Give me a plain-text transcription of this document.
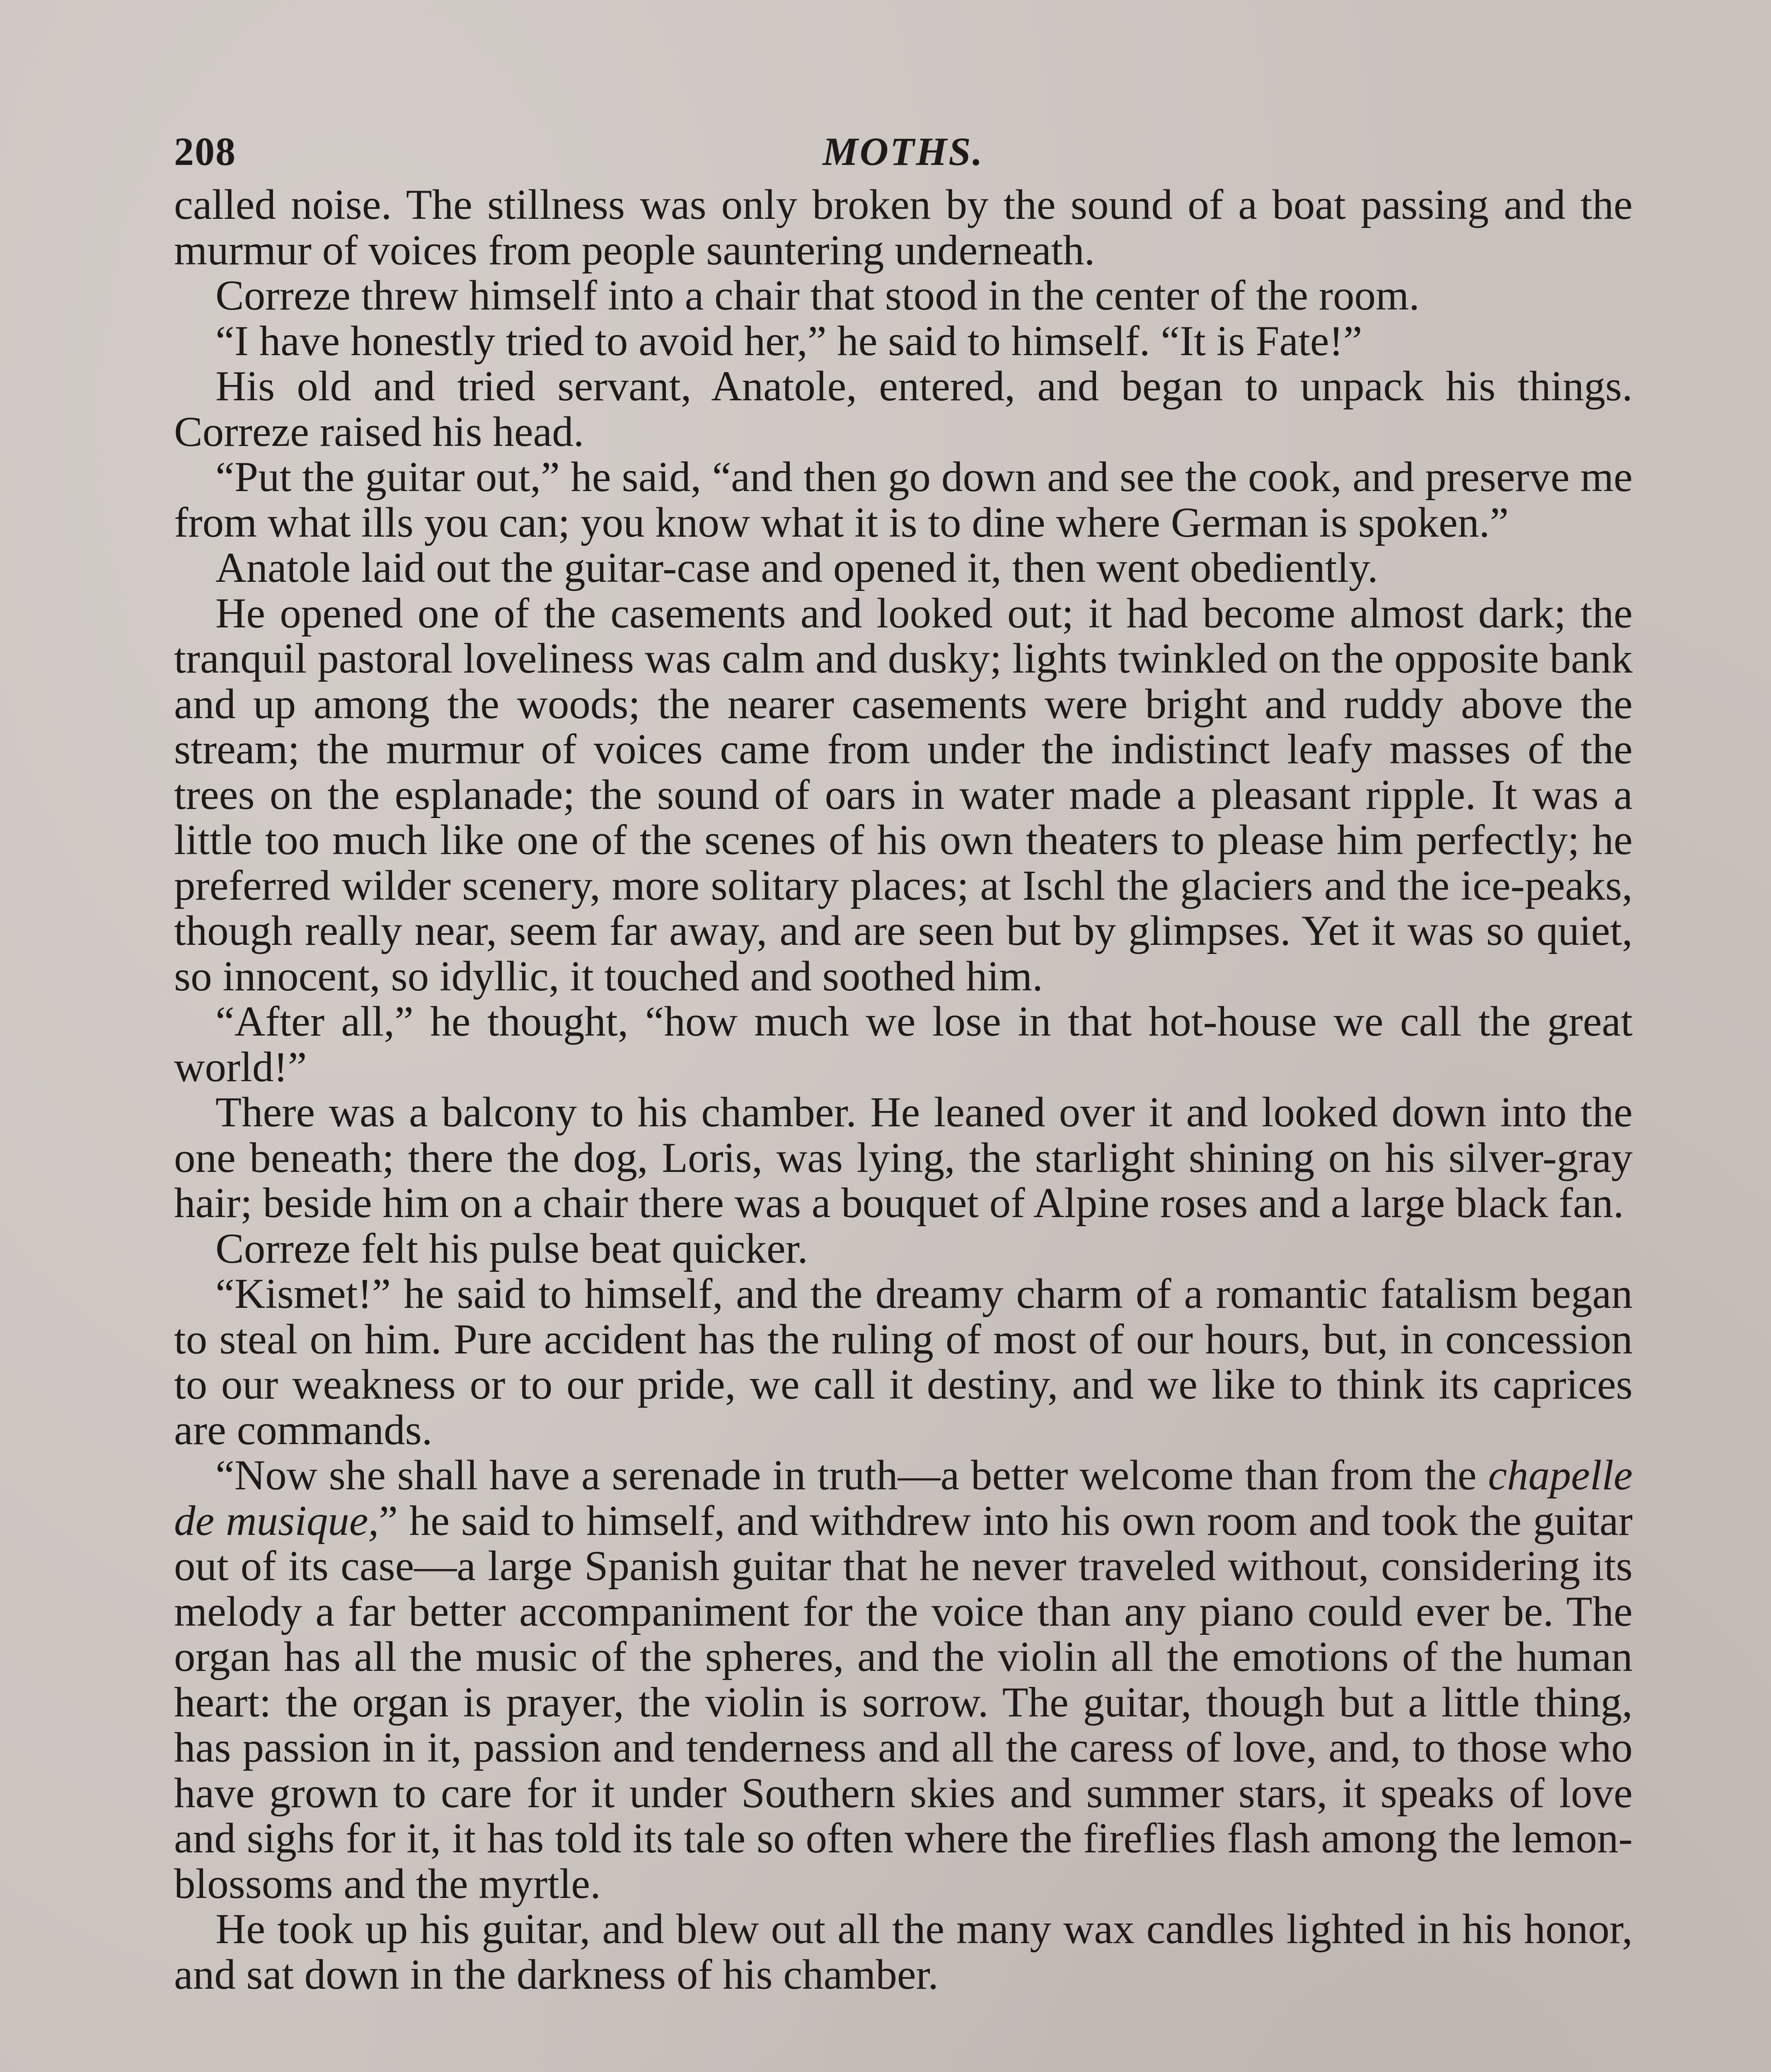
208	MOTHS.

called noise. The stillness was only broken by the sound of a boat passing and the murmur of voices from people sauntering underneath.

Correze threw himself into a chair that stood in the center of the room.

“I have honestly tried to avoid her,” he said to himself. “It is Fate!”

His old and tried servant, Anatole, entered, and began to unpack his things. Correze raised his head.

“Put the guitar out,” he said, “and then go down and see the cook, and preserve me from what ills you can; you know what it is to dine where German is spoken.”

Anatole laid out the guitar-case and opened it, then went obediently.

He opened one of the casements and looked out; it had become almost dark; the tranquil pastoral loveliness was calm and dusky; lights twinkled on the opposite bank and up among the woods; the nearer casements were bright and ruddy above the stream; the murmur of voices came from under the indistinct leafy masses of the trees on the esplanade; the sound of oars in water made a pleasant ripple. It was a little too much like one of the scenes of his own theaters to please him perfectly; he preferred wilder scenery, more solitary places; at Ischl the glaciers and the ice-peaks, though really near, seem far away, and are seen but by glimpses. Yet it was so quiet, so innocent, so idyllic, it touched and soothed him.

“After all,” he thought, “how much we lose in that hot-house we call the great world!”

There was a balcony to his chamber. He leaned over it and looked down into the one beneath; there the dog, Loris, was lying, the starlight shining on his silver-gray hair; beside him on a chair there was a bouquet of Alpine roses and a large black fan.

Correze felt his pulse beat quicker.

“Kismet!” he said to himself, and the dreamy charm of a romantic fatalism began to steal on him. Pure accident has the ruling of most of our hours, but, in concession to our weakness or to our pride, we call it destiny, and we like to think its caprices are commands.

“Now she shall have a serenade in truth—a better welcome than from the chapelle de musique,” he said to himself, and withdrew into his own room and took the guitar out of its case—a large Spanish guitar that he never traveled without, considering its melody a far better accompaniment for the voice than any piano could ever be. The organ has all the music of the spheres, and the violin all the emotions of the human heart: the organ is prayer, the violin is sorrow. The guitar, though but a little thing, has passion in it, passion and tenderness and all the caress of love, and, to those who have grown to care for it under Southern skies and summer stars, it speaks of love and sighs for it, it has told its tale so often where the fireflies flash among the lemon-blossoms and the myrtle.

He took up his guitar, and blew out all the many wax candles lighted in his honor, and sat down in the darkness of his chamber.
